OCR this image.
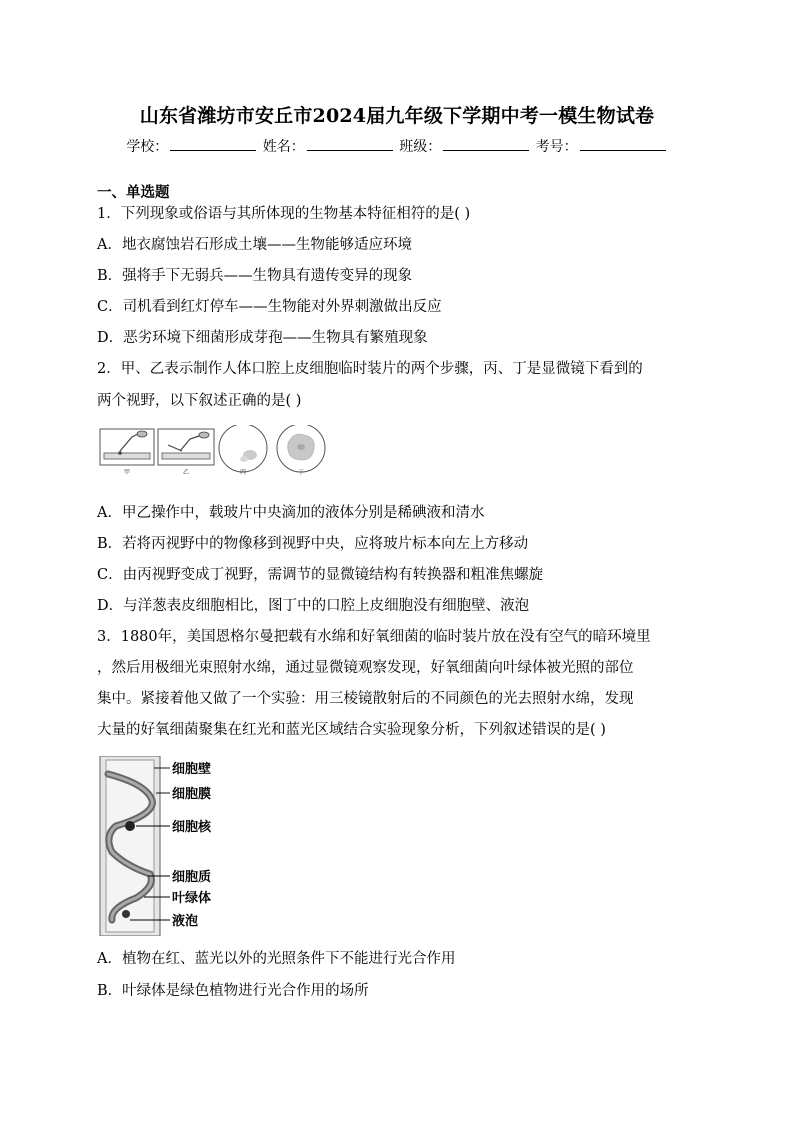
山东省潍坊市安丘市2024届九年级下学期中考一模生物试卷
学校：	姓名：	班级：	考号：
一、单选题
1．下列现象或俗语与其所体现的生物基本特征相符的是( )
A．地衣腐蚀岩石形成土壤——生物能够适应环境
B．强将手下无弱兵——生物具有遗传变异的现象
C．司机看到红灯停车——生物能对外界刺激做出反应
D．恶劣环境下细菌形成芽孢——生物具有繁殖现象
2．甲、乙表示制作人体口腔上皮细胞临时装片的两个步骤，丙、丁是显微镜下看到的
两个视野，以下叙述正确的是( )
甲	乙	丙	丁
A．甲乙操作中，载玻片中央滴加的液体分别是稀碘液和清水
B．若将丙视野中的物像移到视野中央，应将玻片标本向左上方移动
C．由丙视野变成丁视野，需调节的显微镜结构有转换器和粗准焦螺旋
D．与洋葱表皮细胞相比，图丁中的口腔上皮细胞没有细胞壁、液泡
3．1880年，美国恩格尔曼把载有水绵和好氧细菌的临时装片放在没有空气的暗环境里
，然后用极细光束照射水绵，通过显微镜观察发现，好氧细菌向叶绿体被光照的部位
集中。紧接着他又做了一个实验：用三棱镜散射后的不同颜色的光去照射水绵，发现
大量的好氧细菌聚集在红光和蓝光区域结合实验现象分析，下列叙述错误的是( )
细胞壁
细胞膜
细胞核
细胞质
叶绿体
液泡
A．植物在红、蓝光以外的光照条件下不能进行光合作用
B．叶绿体是绿色植物进行光合作用的场所
